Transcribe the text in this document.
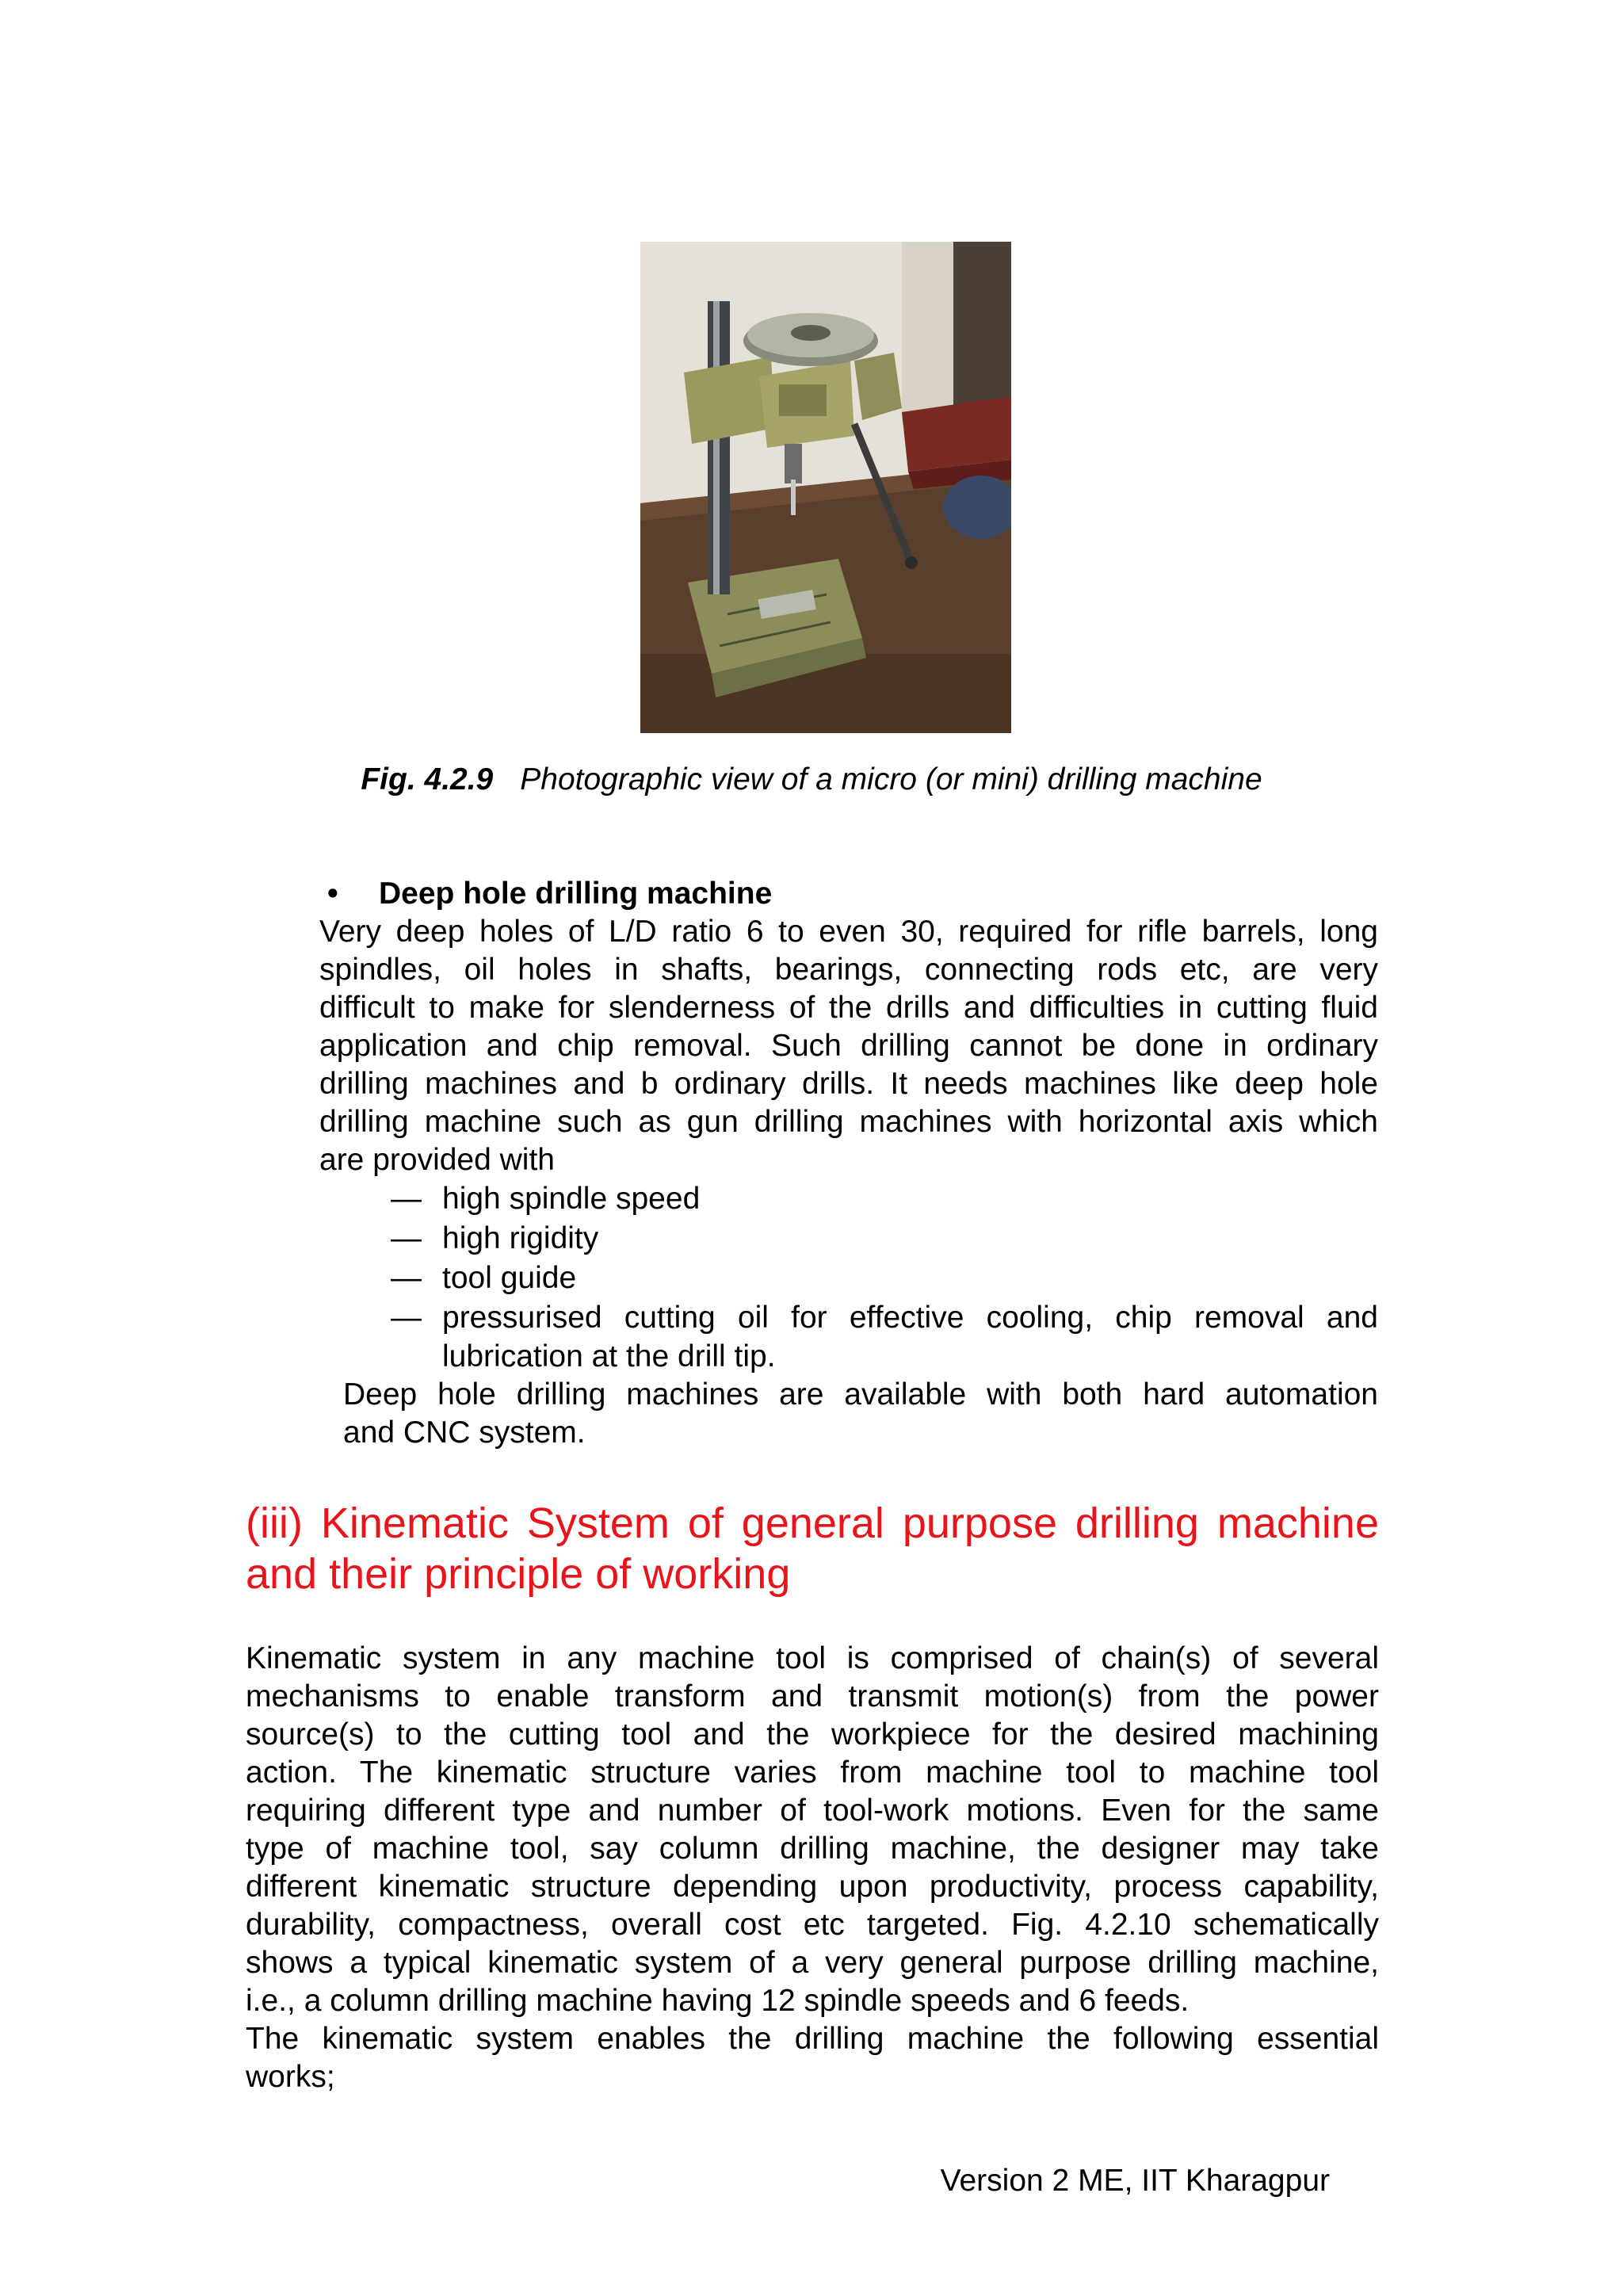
Fig. 4.2.9 Photographic view of a micro (or mini) drilling machine
• Deep hole drilling machine
Very deep holes of L/D ratio 6 to even 30, required for rifle barrels, long
spindles, oil holes in shafts, bearings, connecting rods etc, are very
difficult to make for slenderness of the drills and difficulties in cutting fluid
application and chip removal. Such drilling cannot be done in ordinary
drilling machines and b ordinary drills. It needs machines like deep hole
drilling machine such as gun drilling machines with horizontal axis which
are provided with
— high spindle speed
— high rigidity
— tool guide
— pressurised cutting oil for effective cooling, chip removal and
lubrication at the drill tip.
Deep hole drilling machines are available with both hard automation
and CNC system.
(iii) Kinematic System of general purpose drilling machine
and their principle of working
Kinematic system in any machine tool is comprised of chain(s) of several
mechanisms to enable transform and transmit motion(s) from the power
source(s) to the cutting tool and the workpiece for the desired machining
action. The kinematic structure varies from machine tool to machine tool
requiring different type and number of tool-work motions. Even for the same
type of machine tool, say column drilling machine, the designer may take
different kinematic structure depending upon productivity, process capability,
durability, compactness, overall cost etc targeted. Fig. 4.2.10 schematically
shows a typical kinematic system of a very general purpose drilling machine,
i.e., a column drilling machine having 12 spindle speeds and 6 feeds.
The kinematic system enables the drilling machine the following essential
works;
Version 2 ME, IIT Kharagpur
